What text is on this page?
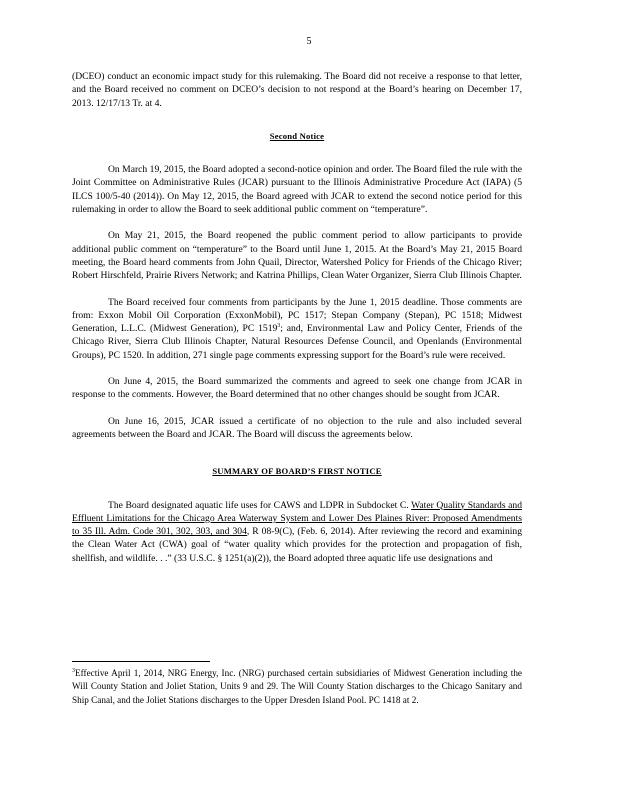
5

(DCEO) conduct an economic impact study for this rulemaking. The Board did not receive a response to that letter, and the Board received no comment on DCEO’s decision to not respond at the Board’s hearing on December 17, 2013. 12/17/13 Tr. at 4.

Second Notice

On March 19, 2015, the Board adopted a second-notice opinion and order. The Board filed the rule with the Joint Committee on Administrative Rules (JCAR) pursuant to the Illinois Administrative Procedure Act (IAPA) (5 ILCS 100/5-40 (2014)). On May 12, 2015, the Board agreed with JCAR to extend the second notice period for this rulemaking in order to allow the Board to seek additional public comment on “temperature”.

On May 21, 2015, the Board reopened the public comment period to allow participants to provide additional public comment on “temperature” to the Board until June 1, 2015. At the Board’s May 21, 2015 Board meeting, the Board heard comments from John Quail, Director, Watershed Policy for Friends of the Chicago River; Robert Hirschfeld, Prairie Rivers Network; and Katrina Phillips, Clean Water Organizer, Sierra Club Illinois Chapter.

The Board received four comments from participants by the June 1, 2015 deadline. Those comments are from: Exxon Mobil Oil Corporation (ExxonMobil), PC 1517; Stepan Company (Stepan), PC 1518; Midwest Generation, L.L.C. (Midwest Generation), PC 1519$^3$; and, Environmental Law and Policy Center, Friends of the Chicago River, Sierra Club Illinois Chapter, Natural Resources Defense Council, and Openlands (Environmental Groups), PC 1520. In addition, 271 single page comments expressing support for the Board’s rule were received.

On June 4, 2015, the Board summarized the comments and agreed to seek one change from JCAR in response to the comments. However, the Board determined that no other changes should be sought from JCAR.

On June 16, 2015, JCAR issued a certificate of no objection to the rule and also included several agreements between the Board and JCAR. The Board will discuss the agreements below.

SUMMARY OF BOARD’S FIRST NOTICE

The Board designated aquatic life uses for CAWS and LDPR in Subdocket C. Water Quality Standards and Effluent Limitations for the Chicago Area Waterway System and Lower Des Plaines River: Proposed Amendments to 35 Ill. Adm. Code 301, 302, 303, and 304, R 08-9(C), (Feb. 6, 2014). After reviewing the record and examining the Clean Water Act (CWA) goal of “water quality which provides for the protection and propagation of fish, shellfish, and wildlife. . .” (33 U.S.C. § 1251(a)(2)), the Board adopted three aquatic life use designations and

$^3$Effective April 1, 2014, NRG Energy, Inc. (NRG) purchased certain subsidiaries of Midwest Generation including the Will County Station and Joliet Station, Units 9 and 29. The Will County Station discharges to the Chicago Sanitary and Ship Canal, and the Joliet Stations discharges to the Upper Dresden Island Pool. PC 1418 at 2.
